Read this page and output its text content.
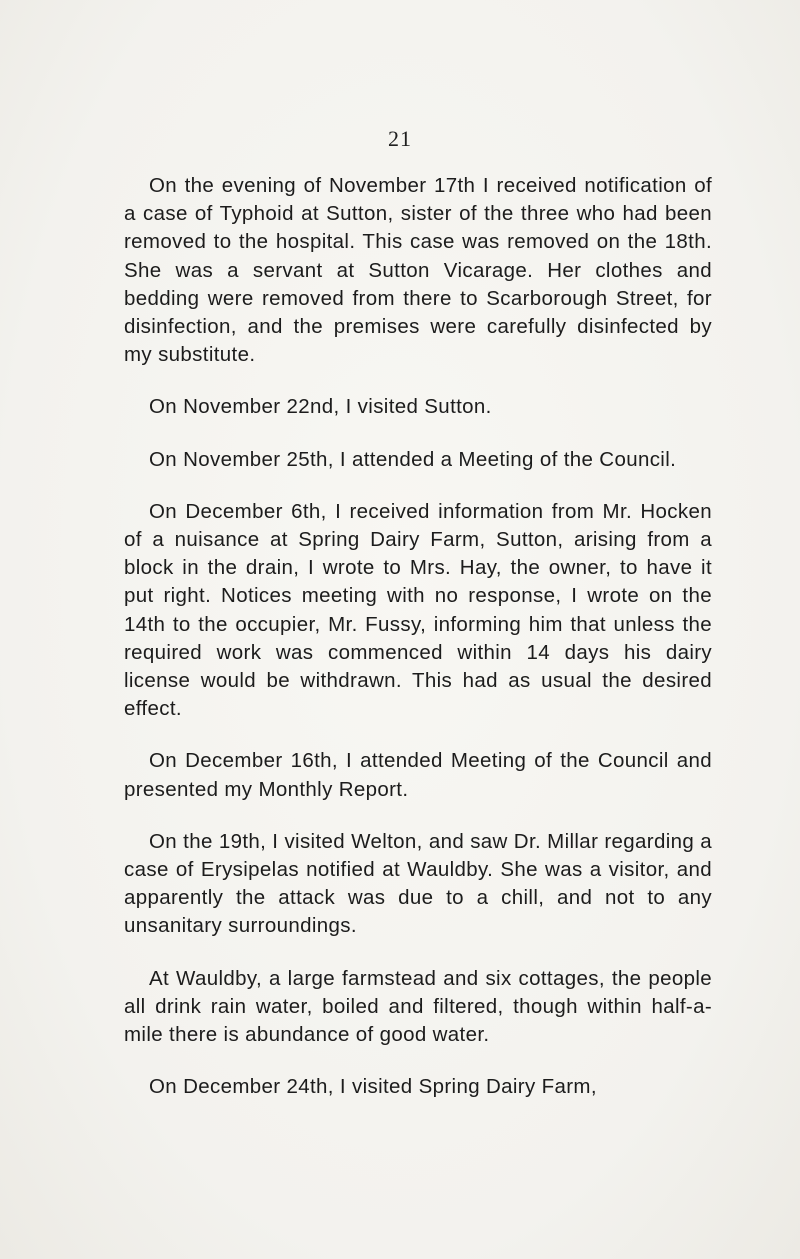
21

On the evening of November 17th I received notification of a case of Typhoid at Sutton, sister of the three who had been removed to the hospital. This case was removed on the 18th. She was a servant at Sutton Vicarage. Her clothes and bedding were removed from there to Scarborough Street, for disinfection, and the premises were carefully disinfected by my substitute.

On November 22nd, I visited Sutton.

On November 25th, I attended a Meeting of the Council.

On December 6th, I received information from Mr. Hocken of a nuisance at Spring Dairy Farm, Sutton, arising from a block in the drain, I wrote to Mrs. Hay, the owner, to have it put right. Notices meeting with no response, I wrote on the 14th to the occupier, Mr. Fussy, informing him that unless the required work was commenced within 14 days his dairy license would be withdrawn. This had as usual the desired effect.

On December 16th, I attended Meeting of the Council and presented my Monthly Report.

On the 19th, I visited Welton, and saw Dr. Millar regarding a case of Erysipelas notified at Wauldby. She was a visitor, and apparently the attack was due to a chill, and not to any unsanitary surroundings.

At Wauldby, a large farmstead and six cottages, the people all drink rain water, boiled and filtered, though within half-a-mile there is abundance of good water.

On December 24th, I visited Spring Dairy Farm,
